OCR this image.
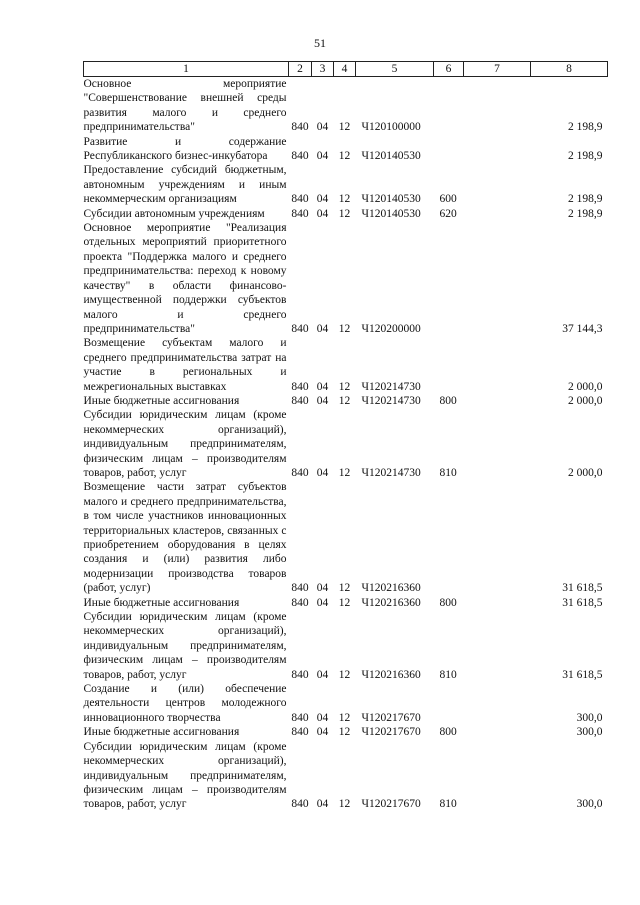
51
1	2	3	4	5	6	7	8
Основное мероприятие "Совершенствование внешней среды развития малого и среднего предпринимательства"	840	04	12	Ч120100000			2 198,9
Развитие и содержание Республиканского бизнес-инкубатора	840	04	12	Ч120140530			2 198,9
Предоставление субсидий бюджетным, автономным учреждениям и иным некоммерческим организациям	840	04	12	Ч120140530	600		2 198,9
Субсидии автономным учреждениям	840	04	12	Ч120140530	620		2 198,9
Основное мероприятие "Реализация отдельных мероприятий приоритетного проекта "Поддержка малого и среднего предпринимательства: переход к новому качеству" в области финансово-имущественной поддержки субъектов малого и среднего предпринимательства"	840	04	12	Ч120200000			37 144,3
Возмещение субъектам малого и среднего предпринимательства затрат на участие в региональных и межрегиональных выставках	840	04	12	Ч120214730			2 000,0
Иные бюджетные ассигнования	840	04	12	Ч120214730	800		2 000,0
Субсидии юридическим лицам (кроме некоммерческих организаций), индивидуальным предпринимателям, физическим лицам – производителям товаров, работ, услуг	840	04	12	Ч120214730	810		2 000,0
Возмещение части затрат субъектов малого и среднего предпринимательства, в том числе участников инновационных территориальных кластеров, связанных с приобретением оборудования в целях создания и (или) развития либо модернизации производства товаров (работ, услуг)	840	04	12	Ч120216360			31 618,5
Иные бюджетные ассигнования	840	04	12	Ч120216360	800		31 618,5
Субсидии юридическим лицам (кроме некоммерческих организаций), индивидуальным предпринимателям, физическим лицам – производителям товаров, работ, услуг	840	04	12	Ч120216360	810		31 618,5
Создание и (или) обеспечение деятельности центров молодежного инновационного творчества	840	04	12	Ч120217670			300,0
Иные бюджетные ассигнования	840	04	12	Ч120217670	800		300,0
Субсидии юридическим лицам (кроме некоммерческих организаций), индивидуальным предпринимателям, физическим лицам – производителям товаров, работ, услуг	840	04	12	Ч120217670	810		300,0
